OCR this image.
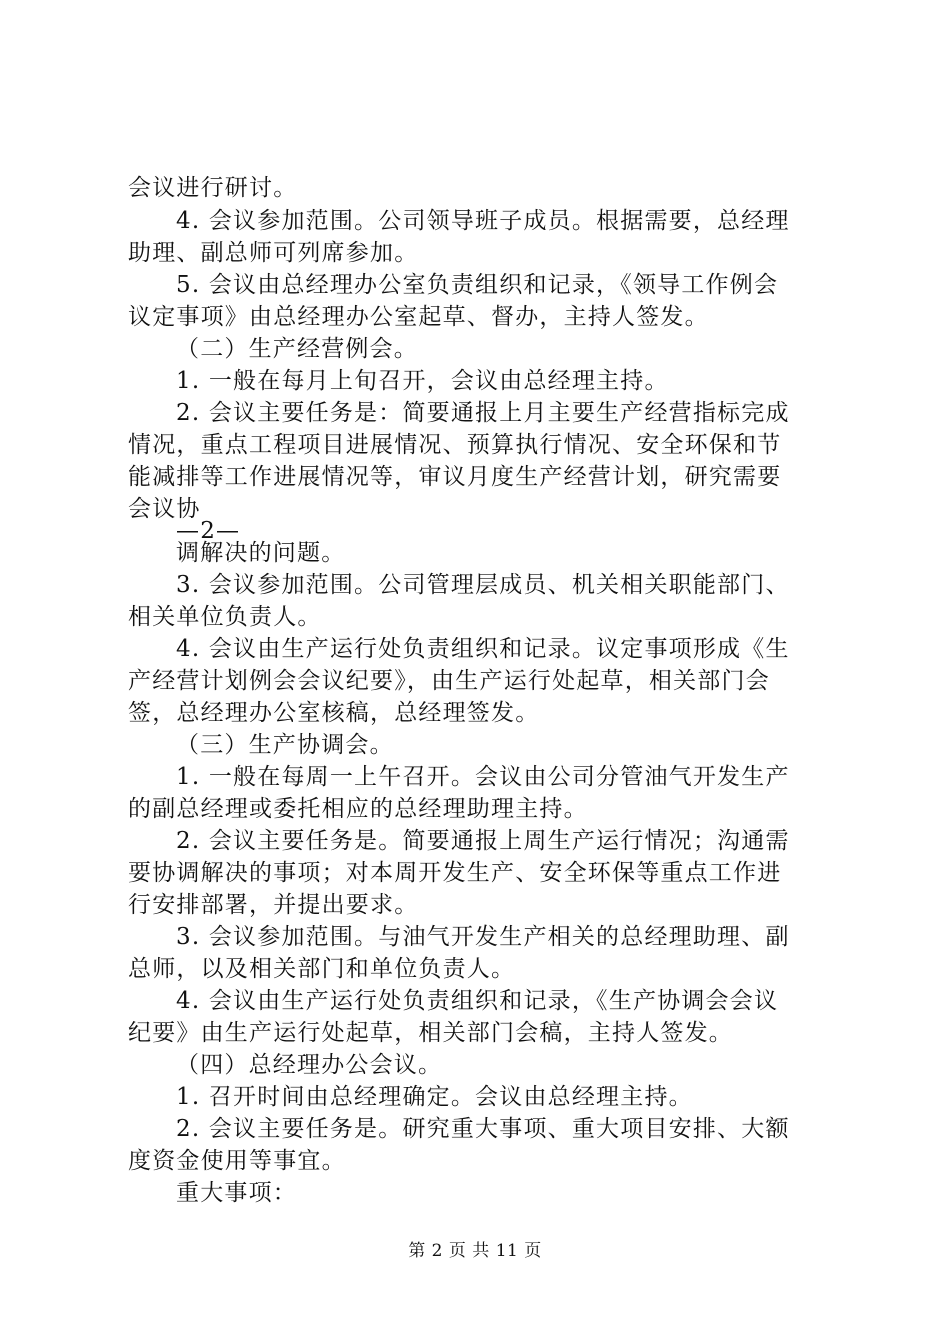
会议进行研讨。
4. 会议参加范围。公司领导班子成员。根据需要，总经理
助理、副总师可列席参加。
5. 会议由总经理办公室负责组织和记录，《领导工作例会
议定事项》由总经理办公室起草、督办，主持人签发。
（二）生产经营例会。
1. 一般在每月上旬召开，会议由总经理主持。
2. 会议主要任务是：简要通报上月主要生产经营指标完成
情况，重点工程项目进展情况、预算执行情况、安全环保和节
能减排等工作进展情况等，审议月度生产经营计划，研究需要
会议协
—2—
调解决的问题。
3. 会议参加范围。公司管理层成员、机关相关职能部门、
相关单位负责人。
4. 会议由生产运行处负责组织和记录。议定事项形成《生
产经营计划例会会议纪要》，由生产运行处起草，相关部门会
签，总经理办公室核稿，总经理签发。
（三）生产协调会。
1. 一般在每周一上午召开。会议由公司分管油气开发生产
的副总经理或委托相应的总经理助理主持。
2. 会议主要任务是。简要通报上周生产运行情况；沟通需
要协调解决的事项；对本周开发生产、安全环保等重点工作进
行安排部署，并提出要求。
3. 会议参加范围。与油气开发生产相关的总经理助理、副
总师，以及相关部门和单位负责人。
4. 会议由生产运行处负责组织和记录，《生产协调会会议
纪要》由生产运行处起草，相关部门会稿，主持人签发。
（四）总经理办公会议。
1. 召开时间由总经理确定。会议由总经理主持。
2. 会议主要任务是。研究重大事项、重大项目安排、大额
度资金使用等事宜。
重大事项：
第 2 页 共 11 页
